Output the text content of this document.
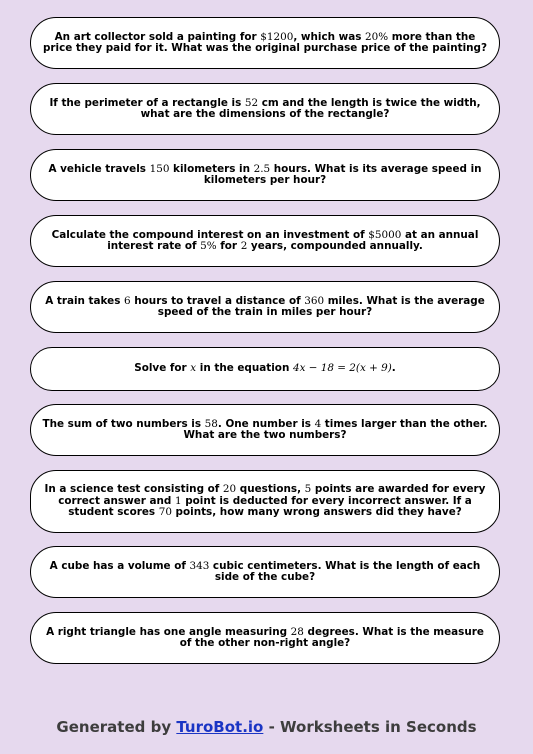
An art collector sold a painting for $1200, which was 20% more than the price they paid for it. What was the original purchase price of the painting?
If the perimeter of a rectangle is 52 cm and the length is twice the width, what are the dimensions of the rectangle?
A vehicle travels 150 kilometers in 2.5 hours. What is its average speed in kilometers per hour?
Calculate the compound interest on an investment of $5000 at an annual interest rate of 5% for 2 years, compounded annually.
A train takes 6 hours to travel a distance of 360 miles. What is the average speed of the train in miles per hour?
Solve for x in the equation 4x − 18 = 2(x + 9).
The sum of two numbers is 58. One number is 4 times larger than the other. What are the two numbers?
In a science test consisting of 20 questions, 5 points are awarded for every correct answer and 1 point is deducted for every incorrect answer. If a student scores 70 points, how many wrong answers did they have?
A cube has a volume of 343 cubic centimeters. What is the length of each side of the cube?
A right triangle has one angle measuring 28 degrees. What is the measure of the other non-right angle?
Generated by TuroBot.io - Worksheets in Seconds
